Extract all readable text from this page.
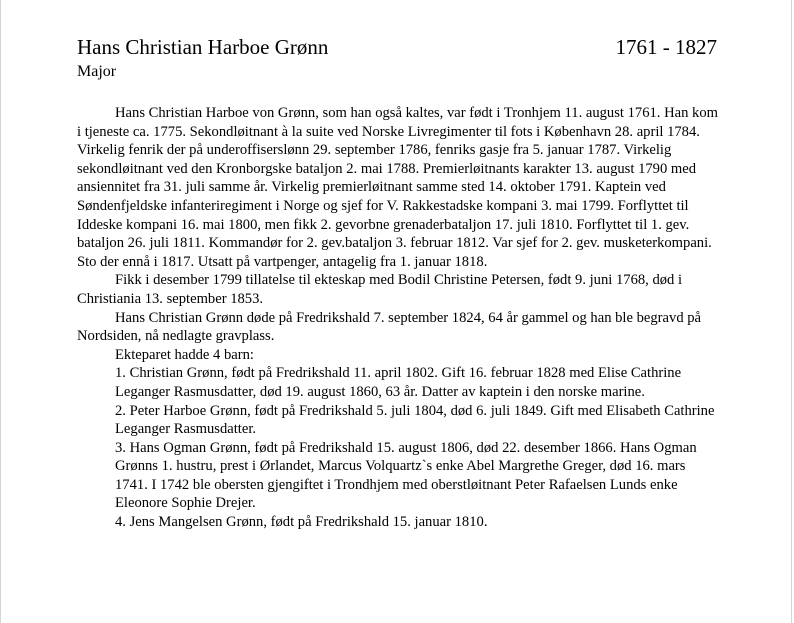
Hans Christian Harboe Grønn	1761 - 1827
Major

Hans Christian Harboe von Grønn, som han også kaltes, var født i Tronhjem 11. august 1761. Han kom i tjeneste ca. 1775. Sekondløitnant à la suite ved Norske Livregimenter til fots i København 28. april 1784. Virkelig fenrik der på underoffiserslønn 29. september 1786, fenriks gasje fra 5. januar 1787. Virkelig sekondløitnant ved den Kronborgske bataljon 2. mai 1788. Premierløitnants karakter 13. august 1790 med ansiennitet fra 31. juli samme år. Virkelig premierløitnant samme sted 14. oktober 1791. Kaptein ved Søndenfjeldske infanteriregiment i Norge og sjef for V. Rakkestadske kompani 3. mai 1799. Forflyttet til Iddeske kompani 16. mai 1800, men fikk 2. gevorbne grenaderbataljon 17. juli 1810. Forflyttet til 1. gev. bataljon 26. juli 1811. Kommandør for 2. gev.bataljon 3. februar 1812. Var sjef for 2. gev. musketerkompani. Sto der ennå i 1817. Utsatt på vartpenger, antagelig fra 1. januar 1818.

Fikk i desember 1799 tillatelse til ekteskap med Bodil Christine Petersen, født 9. juni 1768, død i Christiania 13. september 1853.

Hans Christian Grønn døde på Fredrikshald 7. september 1824, 64 år gammel og han ble begravd på Nordsiden, nå nedlagte gravplass.

Ekteparet hadde 4 barn:

1. Christian Grønn, født på Fredrikshald 11. april 1802. Gift 16. februar 1828 med Elise Cathrine Leganger Rasmusdatter, død 19. august 1860, 63 år. Datter av kaptein i den norske marine.
2. Peter Harboe Grønn, født på Fredrikshald 5. juli 1804, død 6. juli 1849. Gift med Elisabeth Cathrine Leganger Rasmusdatter.
3. Hans Ogman Grønn, født på Fredrikshald 15. august 1806, død 22. desember 1866. Hans Ogman Grønns 1. hustru, prest i Ørlandet, Marcus Volquartz`s enke Abel Margrethe Greger, død 16. mars 1741. I 1742 ble obersten gjengiftet i Trondhjem med oberstløitnant Peter Rafaelsen Lunds enke Eleonore Sophie Drejer.
4. Jens Mangelsen Grønn, født på Fredrikshald 15. januar 1810.
